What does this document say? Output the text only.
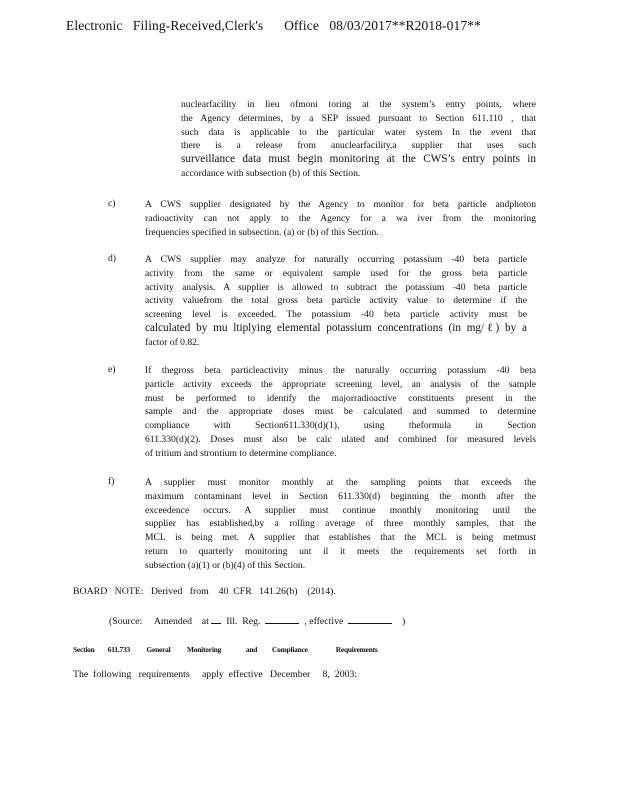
Electronic   Filing-Received,Clerk's      Office   08/03/2017**R2018-017**
nuclearfacility in lieu ofmoni toring at the system’s entry points, where
the Agency determines, by a SEP issued pursuant to Section 611.110 , that
such data is applicable to the particular water system In the event that
there is a release from anuclearfacility,a supplier that uses such
surveillance data must begin monitoring at the CWS’s entry points in
accordance with subsection (b) of this Section.
c)	A CWS supplier designated by the Agency to monitor for beta particle andphoton
radioactivity can not apply to the Agency for a wa iver from the monitoring
frequencies specified in subsection. (a) or (b) of this Section.
d)	A CWS supplier may analyze for naturally occurring potassium -40 beta particle
activity from the same or equivalent sample used for the gross beta particle
activity analysis. A supplier is allowed to subtract the potassium -40 beta particle
activity valuefrom the total gross beta particle activity value to determine if the
screening level is exceeded. The potassium -40 beta particle activity must be
calculated by mu ltiplying elemental potassium concentrations (in mg/ℓ) by a
factor of 0.82.
e)	If thegross beta particleactivity minus the naturally occurring potassium -40 beta
particle activity exceeds the appropriate screening level, an analysis of the sample
must be performed to identify the majorradioactive constituents present in the
sample and the appropriate doses must be calculated and summed to determine
compliance with Section611.330(d)(1), using theformula in Section
611.330(d)(2). Doses must also be calc ulated and combined for measured levels
of tritium and strontium to determine compliance.
f)	A supplier must monitor monthly at the sampling points that exceeds the
maximum contaminant level in Section 611.330(d) beginning the month after the
exceedence occurs. A supplier must continue monthly monitoring until the
supplier has established,by a rolling average of three monthly samples, that the
MCL is being met. A supplier that establishes that the MCL is being metmust
return to quarterly monitoring unt il it meets the requirements set forth in
subsection (a)(1) or (b)(4) of this Section.
BOARD   NOTE:   Derived   from    40  CFR   141.26(b)    (2014).
(Source:     Amended    at Ill.  Reg.	, effective	)
Section        611.733          General          Monitoring               and         Compliance                 Requirements
The  following   requirements     apply  effective   December     8,  2003:
